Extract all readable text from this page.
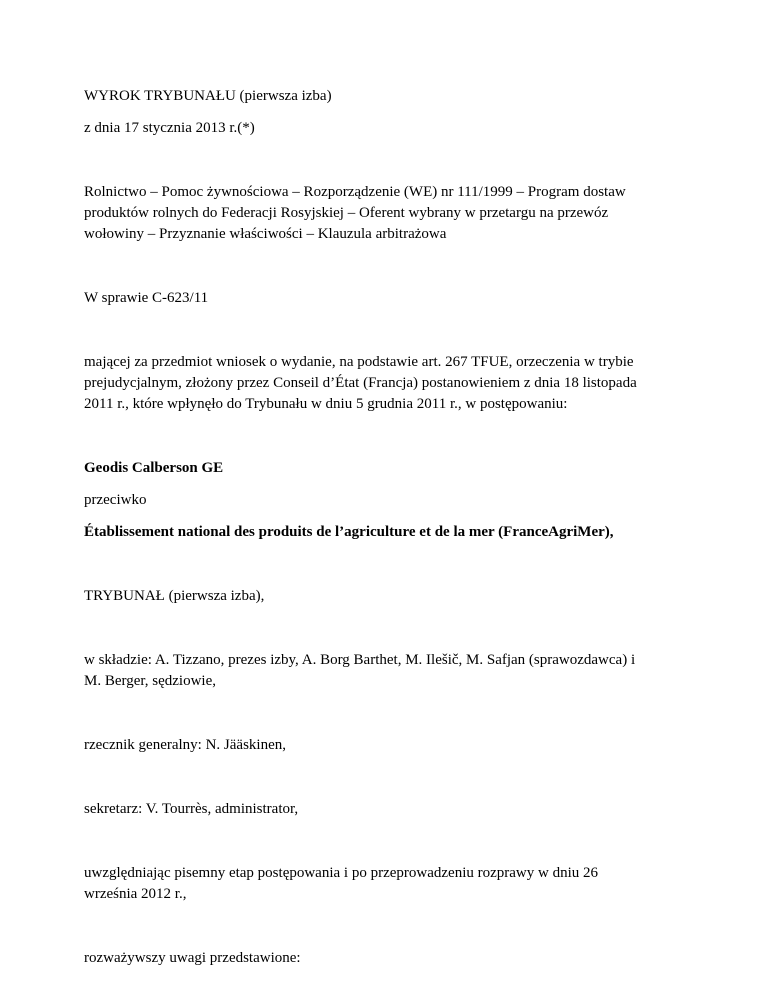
WYROK TRYBUNAŁU (pierwsza izba)
z dnia 17 stycznia 2013 r.(*)
Rolnictwo – Pomoc żywnościowa – Rozporządzenie (WE) nr 111/1999 – Program dostaw
produktów rolnych do Federacji Rosyjskiej – Oferent wybrany w przetargu na przewóz
wołowiny – Przyznanie właściwości – Klauzula arbitrażowa
W sprawie C‑623/11
mającej za przedmiot wniosek o wydanie, na podstawie art. 267 TFUE, orzeczenia w trybie
prejudycjalnym, złożony przez Conseil d’État (Francja) postanowieniem z dnia 18 listopada
2011 r., które wpłynęło do Trybunału w dniu 5 grudnia 2011 r., w postępowaniu:
Geodis Calberson GE
przeciwko
Établissement national des produits de l’agriculture et de la mer (FranceAgriMer),
TRYBUNAŁ (pierwsza izba),
w składzie: A. Tizzano, prezes izby, A. Borg Barthet, M. Ilešič, M. Safjan (sprawozdawca) i
M. Berger, sędziowie,
rzecznik generalny: N. Jääskinen,
sekretarz: V. Tourrès, administrator,
uwzględniając pisemny etap postępowania i po przeprowadzeniu rozprawy w dniu 26
września 2012 r.,
rozważywszy uwagi przedstawione:
